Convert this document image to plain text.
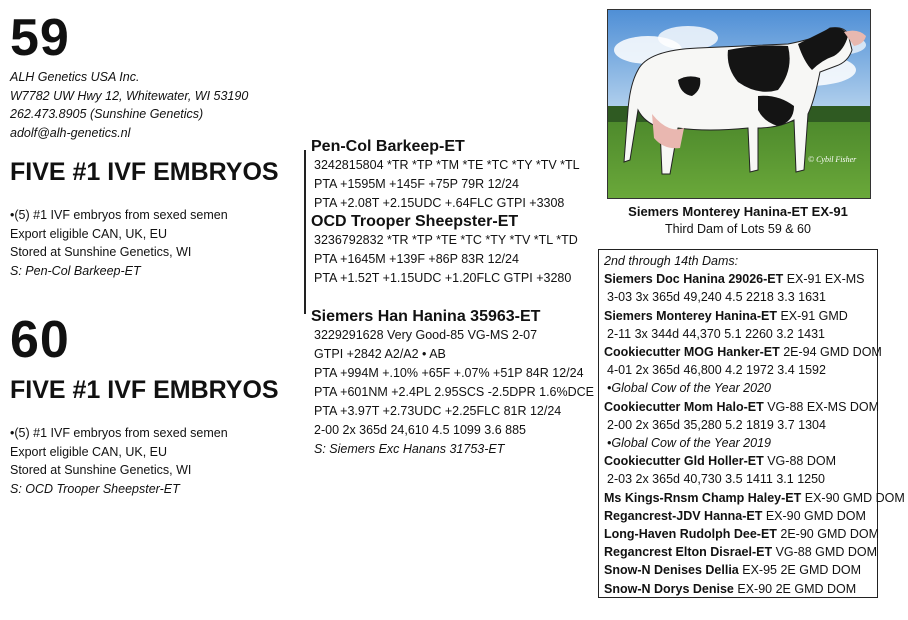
59
ALH Genetics USA Inc.
W7782 UW Hwy 12, Whitewater, WI 53190
262.473.8905 (Sunshine Genetics)
adolf@alh-genetics.nl
FIVE #1 IVF EMBRYOS
•(5) #1 IVF embryos from sexed semen
Export eligible CAN, UK, EU
Stored at Sunshine Genetics, WI
S: Pen-Col Barkeep-ET
60
FIVE #1 IVF EMBRYOS
•(5) #1 IVF embryos from sexed semen
Export eligible CAN, UK, EU
Stored at Sunshine Genetics, WI
S: OCD Trooper Sheepster-ET
Pen-Col Barkeep-ET
3242815804 *TR *TP *TM *TE *TC *TY *TV *TL
PTA +1595M +145F +75P 79R 12/24
PTA +2.08T +2.15UDC +.64FLC GTPI +3308
OCD Trooper Sheepster-ET
3236792832 *TR *TP *TE *TC *TY *TV *TL *TD
PTA +1645M +139F +86P 83R 12/24
PTA +1.52T +1.15UDC +1.20FLC GTPI +3280
Siemers Han Hanina 35963-ET
3229291628 Very Good-85 VG-MS 2-07
GTPI +2842 A2/A2 • AB
PTA +994M +.10% +65F +.07% +51P 84R 12/24
PTA +601NM +2.4PL 2.95SCS -2.5DPR 1.6%DCE
PTA +3.97T +2.73UDC +2.25FLC 81R 12/24
2-00 2x 365d 24,610 4.5 1099 3.6 885
S: Siemers Exc Hanans 31753-ET
© Cybil Fisher
Siemers Monterey Hanina-ET EX-91
Third Dam of Lots 59 & 60
2nd through 14th Dams:
Siemers Doc Hanina 29026-ET EX-91 EX-MS
3-03 3x 365d 49,240 4.5 2218 3.3 1631
Siemers Monterey Hanina-ET EX-91 GMD
2-11 3x 344d 44,370 5.1 2260 3.2 1431
Cookiecutter MOG Hanker-ET 2E-94 GMD DOM
4-01 2x 365d 46,800 4.2 1972 3.4 1592
•Global Cow of the Year 2020
Cookiecutter Mom Halo-ET VG-88 EX-MS DOM
2-00 2x 365d 35,280 5.2 1819 3.7 1304
•Global Cow of the Year 2019
Cookiecutter Gld Holler-ET VG-88 DOM
2-03 2x 365d 40,730 3.5 1411 3.1 1250
Ms Kings-Rnsm Champ Haley-ET EX-90 GMD DOM
Regancrest-JDV Hanna-ET EX-90 GMD DOM
Long-Haven Rudolph Dee-ET 2E-90 GMD DOM
Regancrest Elton Disrael-ET VG-88 GMD DOM
Snow-N Denises Dellia EX-95 2E GMD DOM
Snow-N Dorys Denise EX-90 2E GMD DOM
